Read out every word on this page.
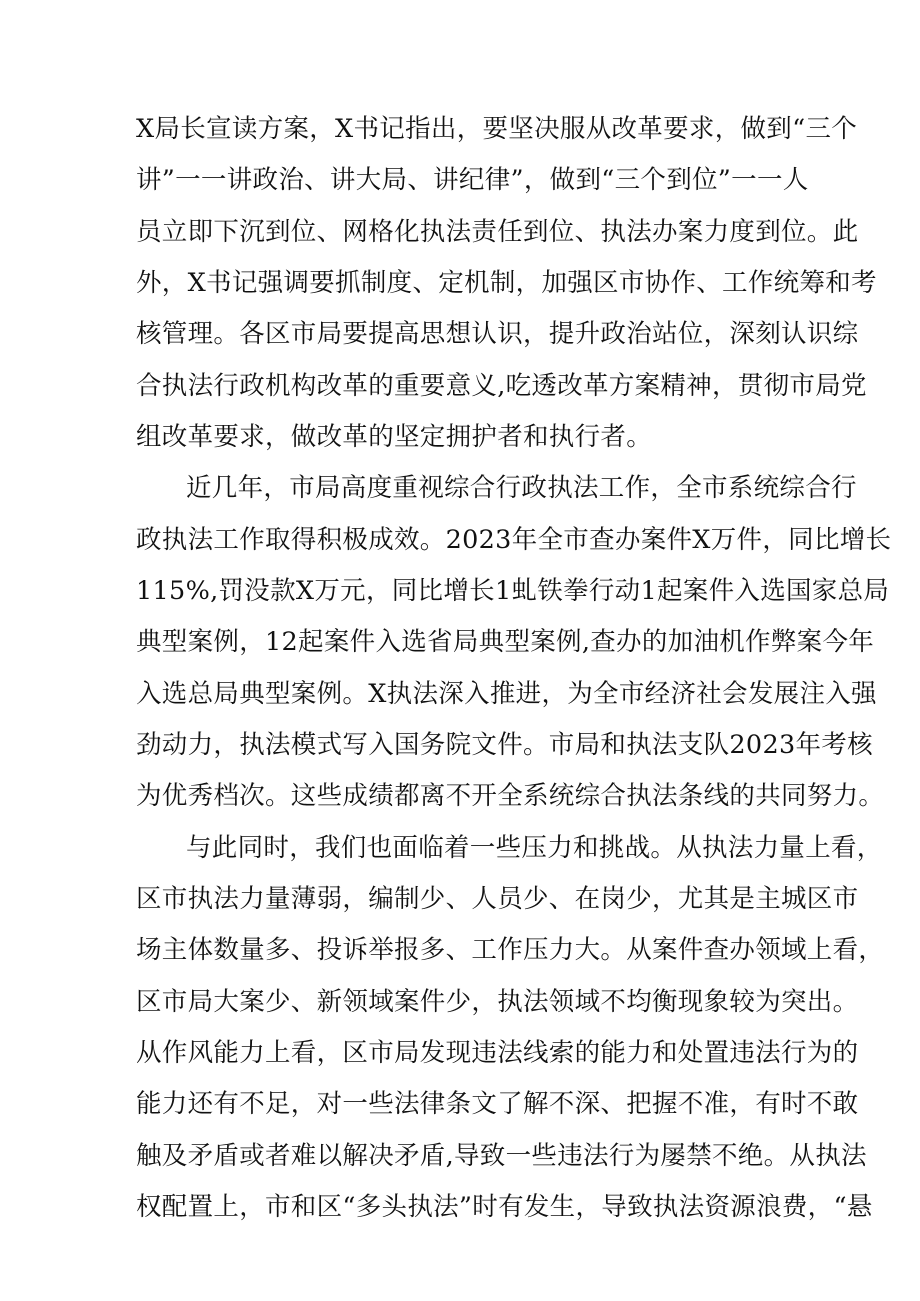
X局长宣读方案，X书记指出，要坚决服从改革要求，做到“三个
讲”一一讲政治、讲大局、讲纪律”，做到“三个到位”一一人
员立即下沉到位、网格化执法责任到位、执法办案力度到位。此
外，X书记强调要抓制度、定机制，加强区市协作、工作统筹和考
核管理。各区市局要提高思想认识，提升政治站位，深刻认识综
合执法行政机构改革的重要意义,吃透改革方案精神，贯彻市局党
组改革要求，做改革的坚定拥护者和执行者。
近几年，市局高度重视综合行政执法工作，全市系统综合行
政执法工作取得积极成效。2023年全市查办案件X万件，同比增长
115%,罚没款X万元，同比增长1虬铁拳行动1起案件入选国家总局
典型案例，12起案件入选省局典型案例,查办的加油机作弊案今年
入选总局典型案例。X执法深入推进，为全市经济社会发展注入强
劲动力，执法模式写入国务院文件。市局和执法支队2023年考核
为优秀档次。这些成绩都离不开全系统综合执法条线的共同努力。
与此同时，我们也面临着一些压力和挑战。从执法力量上看，
区市执法力量薄弱，编制少、人员少、在岗少，尤其是主城区市
场主体数量多、投诉举报多、工作压力大。从案件查办领域上看，
区市局大案少、新领域案件少，执法领域不均衡现象较为突出。
从作风能力上看，区市局发现违法线索的能力和处置违法行为的
能力还有不足，对一些法律条文了解不深、把握不准，有时不敢
触及矛盾或者难以解决矛盾,导致一些违法行为屡禁不绝。从执法
权配置上，市和区“多头执法”时有发生，导致执法资源浪费，“悬
